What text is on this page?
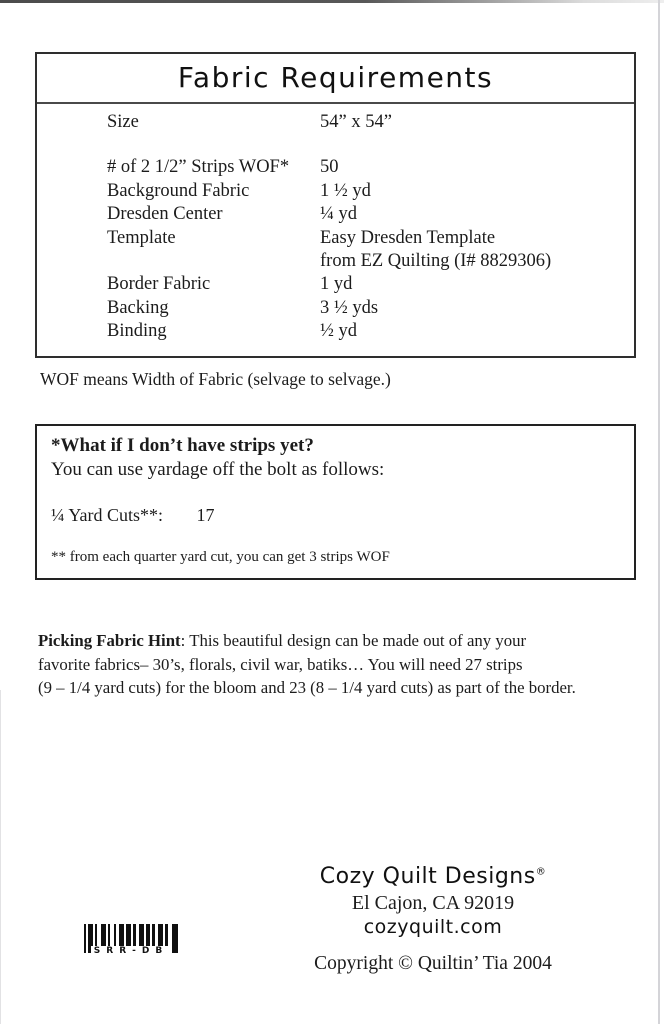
Fabric Requirements
Size	54” x 54”
# of 2 1/2” Strips WOF*	50
Background Fabric	1 ½ yd
Dresden Center	¼ yd
Template	Easy Dresden Template
from EZ Quilting (I# 8829306)
Border Fabric	1 yd
Backing	3 ½ yds
Binding	½ yd

WOF means Width of Fabric (selvage to selvage.)

*What if I don’t have strips yet?

You can use yardage off the bolt as follows:

¼ Yard Cuts**: 17

** from each quarter yard cut, you can get 3 strips WOF

Picking Fabric Hint: This beautiful design can be made out of any your
favorite fabrics– 30’s, florals, civil war, batiks… You will need 27 strips
(9 – 1/4 yard cuts) for the bloom and 23 (8 – 1/4 yard cuts) as part of the border.

Cozy Quilt Designs®
El Cajon, CA 92019
cozyquilt.com
Copyright © Quiltin’ Tia 2004
SRR-DB
